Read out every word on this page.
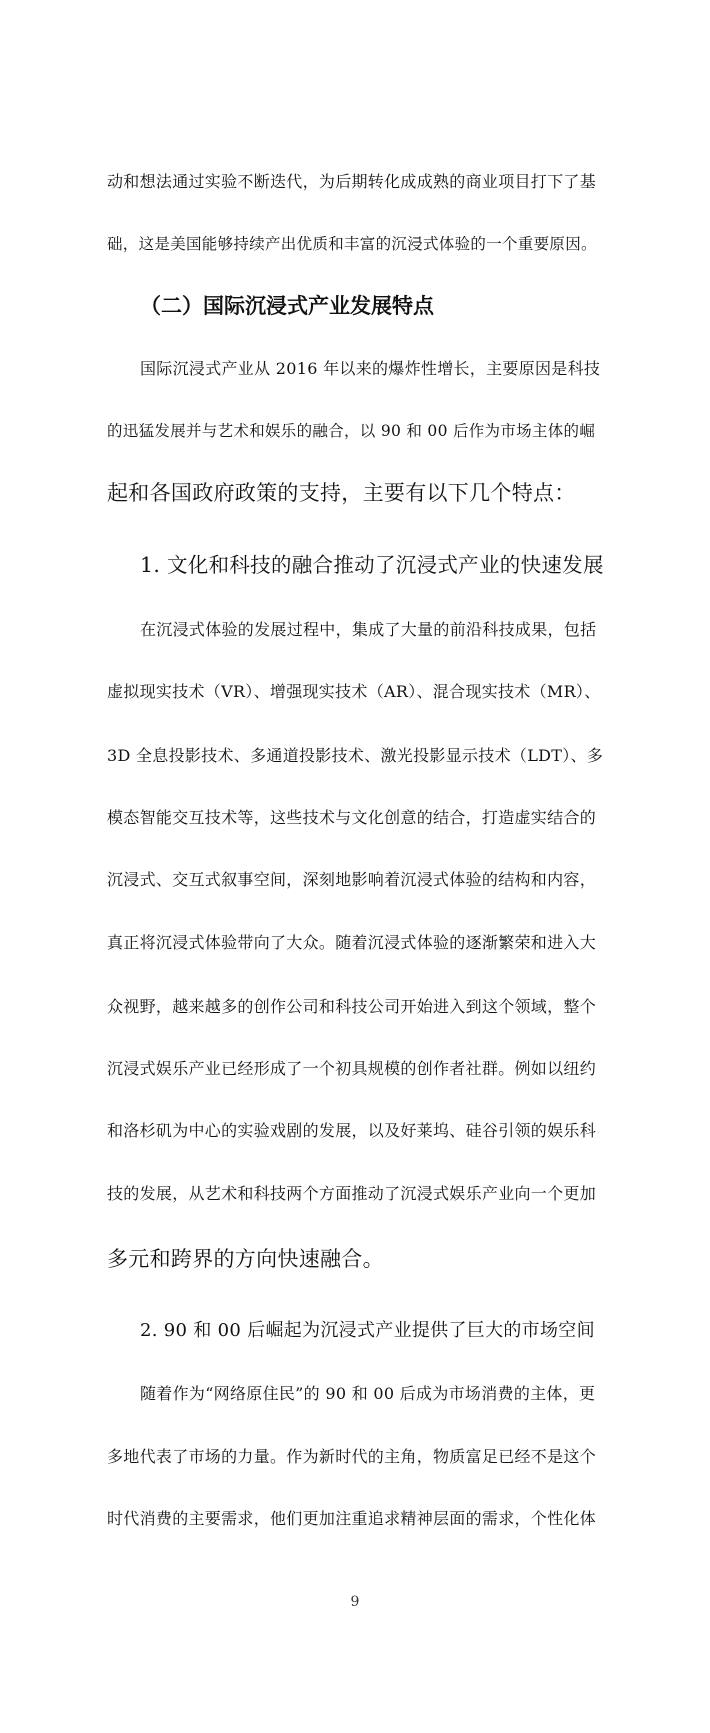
动和想法通过实验不断迭代，为后期转化成成熟的商业项目打下了基
础，这是美国能够持续产出优质和丰富的沉浸式体验的一个重要原因。
（二）国际沉浸式产业发展特点
国际沉浸式产业从 2016 年以来的爆炸性增长，主要原因是科技
的迅猛发展并与艺术和娱乐的融合，以 90 和 00 后作为市场主体的崛
起和各国政府政策的支持，主要有以下几个特点：
1. 文化和科技的融合推动了沉浸式产业的快速发展
在沉浸式体验的发展过程中，集成了大量的前沿科技成果，包括
虚拟现实技术（VR）、增强现实技术（AR）、混合现实技术（MR）、
3D 全息投影技术、多通道投影技术、激光投影显示技术（LDT）、多
模态智能交互技术等，这些技术与文化创意的结合，打造虚实结合的
沉浸式、交互式叙事空间，深刻地影响着沉浸式体验的结构和内容，
真正将沉浸式体验带向了大众。随着沉浸式体验的逐渐繁荣和进入大
众视野，越来越多的创作公司和科技公司开始进入到这个领域，整个
沉浸式娱乐产业已经形成了一个初具规模的创作者社群。例如以纽约
和洛杉矶为中心的实验戏剧的发展，以及好莱坞、硅谷引领的娱乐科
技的发展，从艺术和科技两个方面推动了沉浸式娱乐产业向一个更加
多元和跨界的方向快速融合。
2. 90 和 00 后崛起为沉浸式产业提供了巨大的市场空间
随着作为“网络原住民”的 90 和 00 后成为市场消费的主体，更
多地代表了市场的力量。作为新时代的主角，物质富足已经不是这个
时代消费的主要需求，他们更加注重追求精神层面的需求，个性化体
9
